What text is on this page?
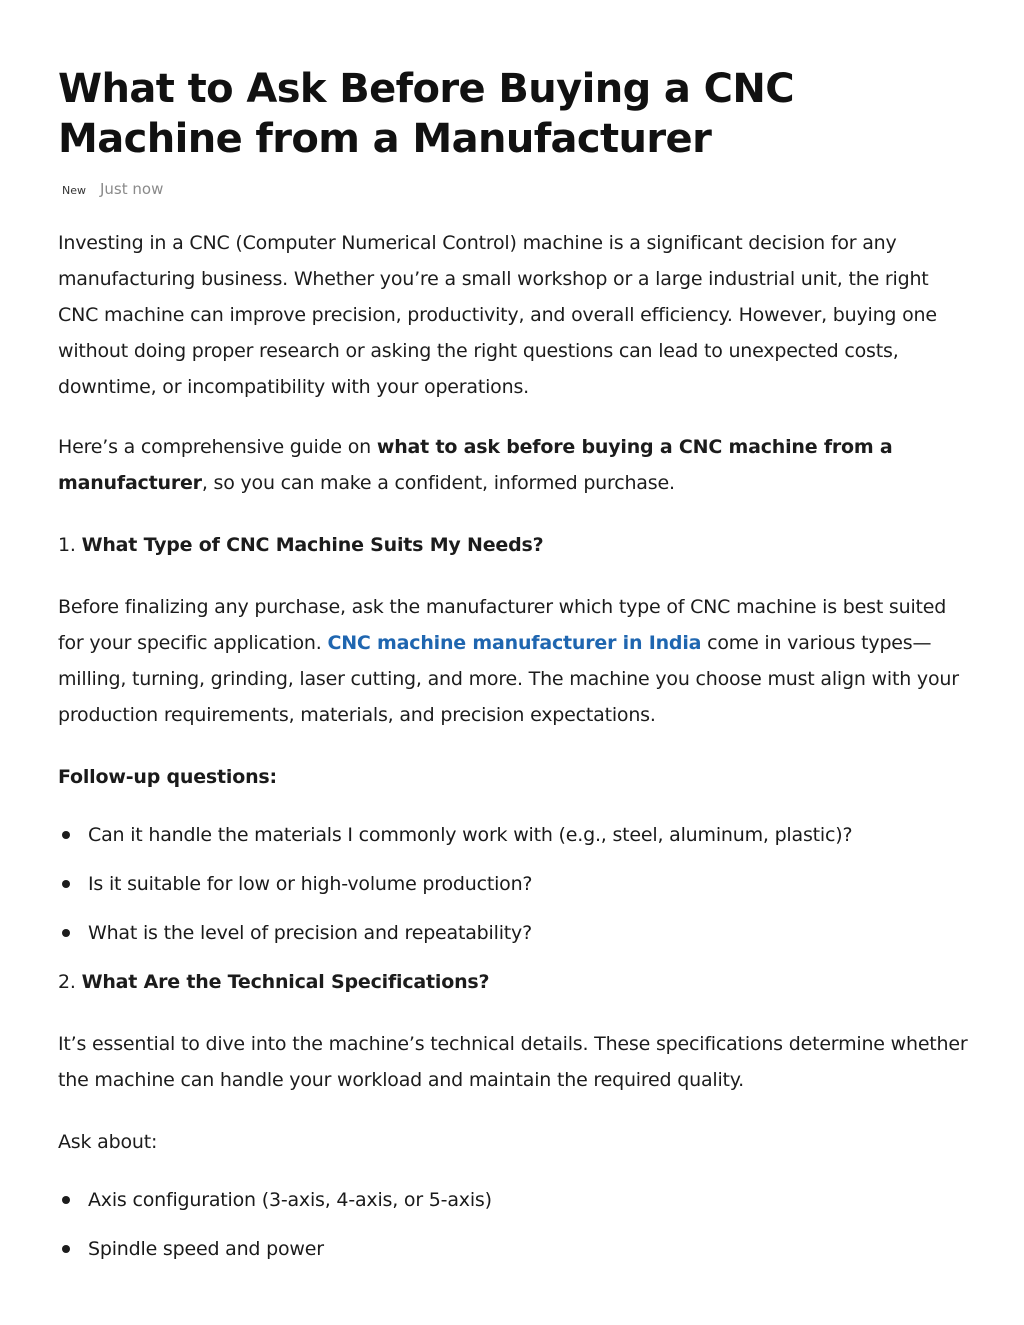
What to Ask Before Buying a CNC Machine from a Manufacturer
New Just now

Investing in a CNC (Computer Numerical Control) machine is a significant decision for any manufacturing business. Whether you’re a small workshop or a large industrial unit, the right CNC machine can improve precision, productivity, and overall efficiency. However, buying one without doing proper research or asking the right questions can lead to unexpected costs, downtime, or incompatibility with your operations.

Here’s a comprehensive guide on what to ask before buying a CNC machine from a manufacturer, so you can make a confident, informed purchase.

1. What Type of CNC Machine Suits My Needs?

Before finalizing any purchase, ask the manufacturer which type of CNC machine is best suited for your specific application. CNC machine manufacturer in India come in various types—milling, turning, grinding, laser cutting, and more. The machine you choose must align with your production requirements, materials, and precision expectations.

Follow-up questions:
Can it handle the materials I commonly work with (e.g., steel, aluminum, plastic)?
Is it suitable for low or high-volume production?
What is the level of precision and repeatability?
2. What Are the Technical Specifications?

It’s essential to dive into the machine’s technical details. These specifications determine whether the machine can handle your workload and maintain the required quality.

Ask about:

Axis configuration (3-axis, 4-axis, or 5-axis)
Spindle speed and power
